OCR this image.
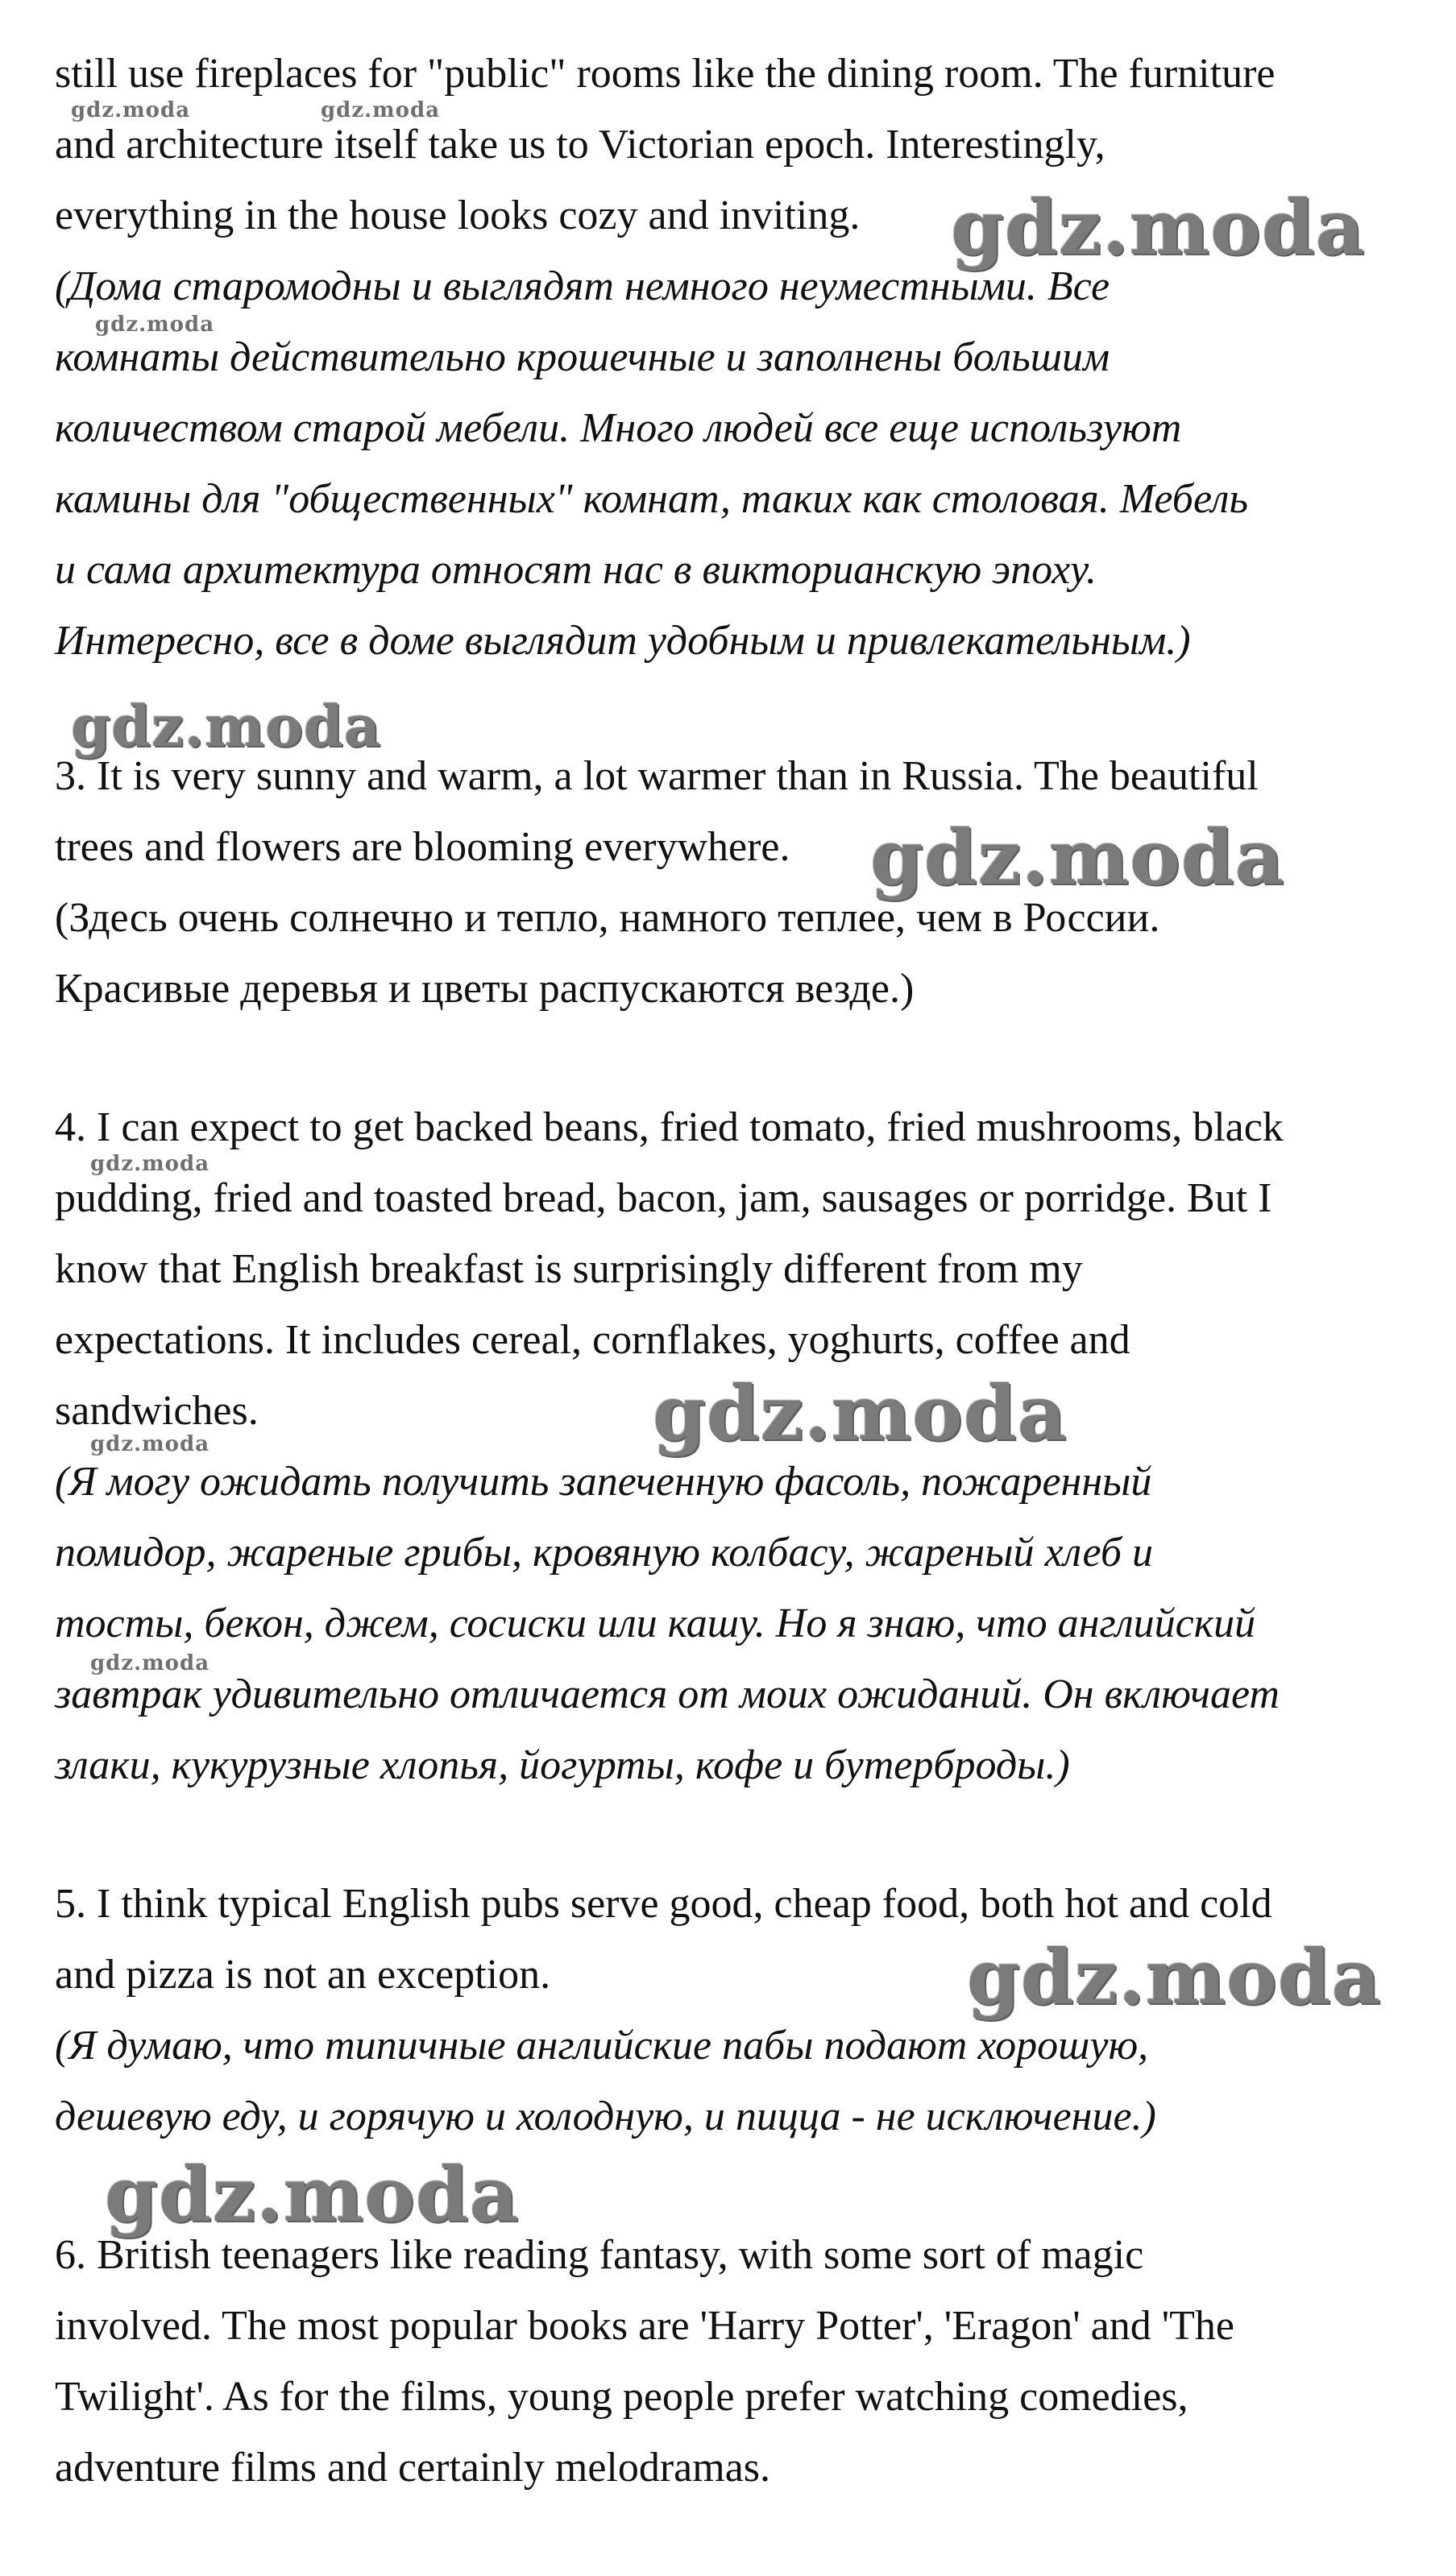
still use fireplaces for "public" rooms like the dining room. The furniture
and architecture itself take us to Victorian epoch. Interestingly,
everything in the house looks cozy and inviting.
(Дома старомодны и выглядят немного неуместными. Все
комнаты действительно крошечные и заполнены большим
количеством старой мебели. Много людей все еще используют
камины для "общественных" комнат, таких как столовая. Мебель
и сама архитектура относят нас в викторианскую эпоху.
Интересно, все в доме выглядит удобным и привлекательным.)
3. It is very sunny and warm, a lot warmer than in Russia. The beautiful
trees and flowers are blooming everywhere.
(Здесь очень солнечно и тепло, намного теплее, чем в России.
Красивые деревья и цветы распускаются везде.)
4. I can expect to get backed beans, fried tomato, fried mushrooms, black
pudding, fried and toasted bread, bacon, jam, sausages or porridge. But I
know that English breakfast is surprisingly different from my
expectations. It includes cereal, cornflakes, yoghurts, coffee and
sandwiches.
(Я могу ожидать получить запеченную фасоль, пожаренный
помидор, жареные грибы, кровяную колбасу, жареный хлеб и
тосты, бекон, джем, сосиски или кашу. Но я знаю, что английский
завтрак удивительно отличается от моих ожиданий. Он включает
злаки, кукурузные хлопья, йогурты, кофе и бутерброды.)
5. I think typical English pubs serve good, cheap food, both hot and cold
and pizza is not an exception.
(Я думаю, что типичные английские пабы подают хорошую,
дешевую еду, и горячую и холодную, и пицца - не исключение.)
6. British teenagers like reading fantasy, with some sort of magic
involved. The most popular books are 'Harry Potter', 'Eragon' and 'The
Twilight'. As for the films, young people prefer watching comedies,
adventure films and certainly melodramas.
gdz.moda	gdz.moda
gdz.moda
gdz.moda
gdz.moda
gdz.moda
gdz.moda
gdz.moda
gdz.moda
gdz.moda
gdz.moda
gdz.moda
